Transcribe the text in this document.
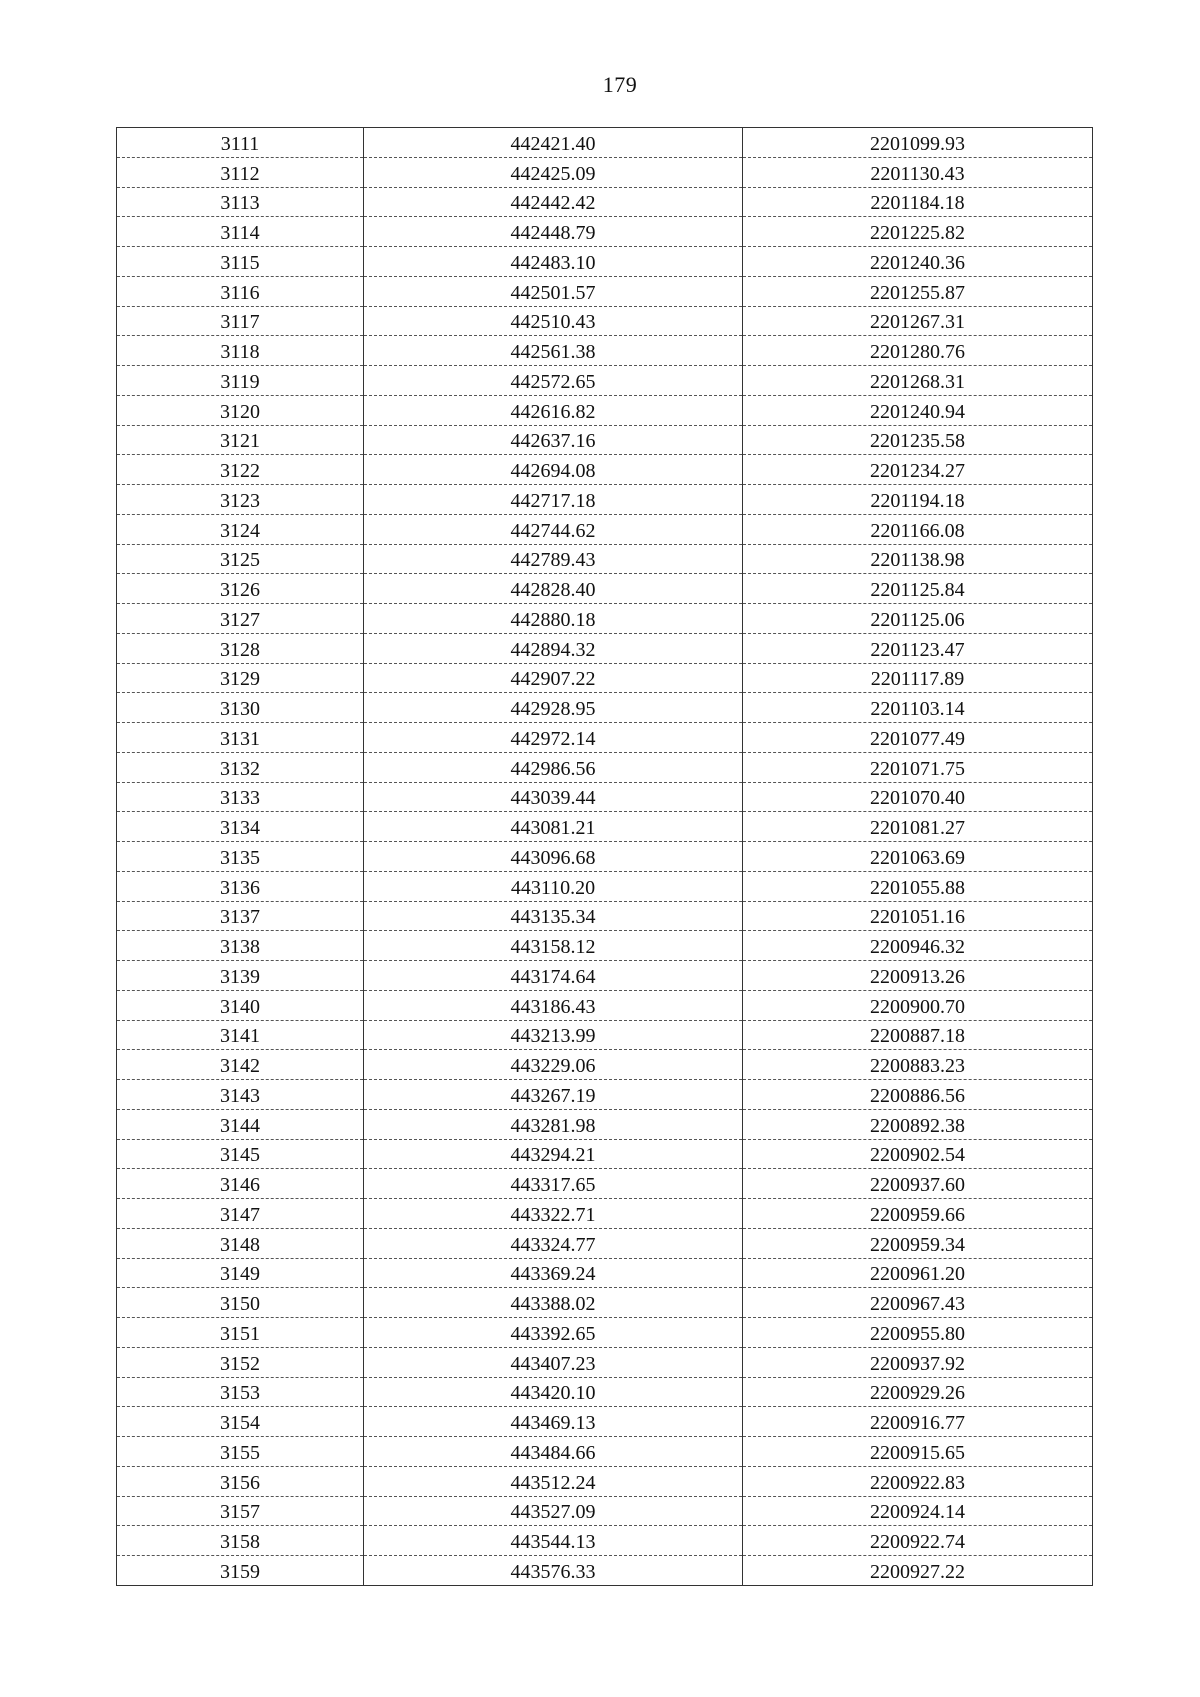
179
3111	442421.40	2201099.93
3112	442425.09	2201130.43
3113	442442.42	2201184.18
3114	442448.79	2201225.82
3115	442483.10	2201240.36
3116	442501.57	2201255.87
3117	442510.43	2201267.31
3118	442561.38	2201280.76
3119	442572.65	2201268.31
3120	442616.82	2201240.94
3121	442637.16	2201235.58
3122	442694.08	2201234.27
3123	442717.18	2201194.18
3124	442744.62	2201166.08
3125	442789.43	2201138.98
3126	442828.40	2201125.84
3127	442880.18	2201125.06
3128	442894.32	2201123.47
3129	442907.22	2201117.89
3130	442928.95	2201103.14
3131	442972.14	2201077.49
3132	442986.56	2201071.75
3133	443039.44	2201070.40
3134	443081.21	2201081.27
3135	443096.68	2201063.69
3136	443110.20	2201055.88
3137	443135.34	2201051.16
3138	443158.12	2200946.32
3139	443174.64	2200913.26
3140	443186.43	2200900.70
3141	443213.99	2200887.18
3142	443229.06	2200883.23
3143	443267.19	2200886.56
3144	443281.98	2200892.38
3145	443294.21	2200902.54
3146	443317.65	2200937.60
3147	443322.71	2200959.66
3148	443324.77	2200959.34
3149	443369.24	2200961.20
3150	443388.02	2200967.43
3151	443392.65	2200955.80
3152	443407.23	2200937.92
3153	443420.10	2200929.26
3154	443469.13	2200916.77
3155	443484.66	2200915.65
3156	443512.24	2200922.83
3157	443527.09	2200924.14
3158	443544.13	2200922.74
3159	443576.33	2200927.22
